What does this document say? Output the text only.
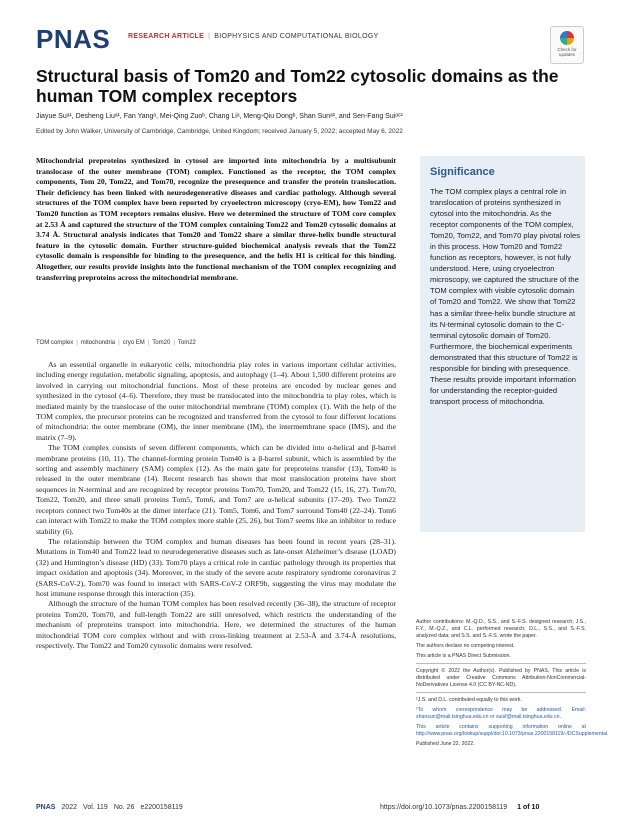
PNAS	RESEARCH ARTICLE | BIOPHYSICS AND COMPUTATIONAL BIOLOGY
Check for updates
Structural basis of Tom20 and Tom22 cytosolic domains as the human TOM complex receptors
Jiayue Suᵃ¹, Desheng Liuᵃ¹, Fan Yangᵃ, Mei-Qing Zuoᵇ, Chang Liᵃ, Meng-Qiu Dongᵇ, Shan Sunᵃ², and Sen-Fang Suiᵃᶜ²
Edited by John Walker, University of Cambridge, Cambridge, United Kingdom; received January 5, 2022; accepted May 6, 2022
Mitochondrial preproteins synthesized in cytosol are imported into mitochondria by a multisubunit translocase of the outer membrane (TOM) complex. Functioned as the receptor, the TOM complex components, Tom 20, Tom22, and Tom70, recognize the presequence and transfer the protein translocation. Their deficiency has been linked with neurodegenerative diseases and cardiac pathology. Although several structures of the TOM complex have been reported by cryoelectron microscopy (cryo-EM), how Tom22 and Tom20 function as TOM receptors remains elusive. Here we determined the structure of TOM core complex at 2.53 Å and captured the structure of the TOM complex containing Tom22 and Tom20 cytosolic domains at 3.74 Å. Structural analysis indicates that Tom20 and Tom22 share a similar three-helix bundle structural feature in the cytosolic domain. Further structure-guided biochemical analysis reveals that the Tom22 cytosolic domain is responsible for binding to the presequence, and the helix H1 is critical for this binding. Altogether, our results provide insights into the functional mechanism of the TOM complex recognizing and transferring preproteins across the mitochondrial membrane.
TOM complex | mitochondria | cryo EM | Tom20 | Tom22

As an essential organelle in eukaryotic cells, mitochondria play roles in various important cellular activities, including energy regulation, metabolic signaling, apoptosis, and autophagy (1–4). About 1,500 different proteins are involved in carrying out mitochondrial functions. Most of these proteins are encoded by nuclear genes and synthesized in the cytosol (4–6). Therefore, they must be translocated into the mitochondria to play roles, which is mediated mainly by the translocase of the outer mitochondrial membrane (TOM) complex (1). With the help of the TOM complex, the precursor proteins can be recognized and transferred from the cytosol to four different locations of mitochondria: the outer membrane (OM), the inner membrane (IM), the intermembrane space (IMS), and the matrix (7–9).

The TOM complex consists of seven different components, which can be divided into α-helical and β-barrel membrane proteins (10, 11). The channel-forming protein Tom40 is a β-barrel subunit, which is assembled by the sorting and assembly machinery (SAM) complex (12). As the main gate for preproteins transfer (13), Tom40 is released in the outer membrane (14). Recent research has shown that most translocation proteins have short sequences in N-terminal and are recognized by receptor proteins Tom70, Tom20, and Tom22 (15, 16, 27). Tom70, Tom22, Tom20, and three small proteins Tom5, Tom6, and Tom7 are α-helical subunits (17–20). Two Tom22 receptors connect two Tom40s at the dimer interface (21). Tom5, Tom6, and Tom7 surround Tom40 (22–24). Tom6 can interact with Tom22 to make the TOM complex more stable (25, 26), but Tom7 seems like an inhibitor to reduce stability (6).

The relationship between the TOM complex and human diseases has been found in recent years (28–31). Mutations in Tom40 and Tom22 lead to neurodegenerative diseases such as late-onset Alzheimer’s disease (LOAD) (32) and Huntington’s disease (HD) (33). Tom70 plays a critical role in cardiac pathology through its properties that impact oxidation and apoptosis (34). Moreover, in the study of the severe acute respiratory syndrome coronavirus 2 (SARS-CoV-2), Tom70 was found to interact with SARS-CoV-2 ORF9b, suggesting the virus may modulate the host immune response through this interaction (35).

Although the structure of the human TOM complex has been resolved recently (36–38), the structure of receptor proteins Tom20, Tom70, and full-length Tom22 are still unresolved, which restricts the understanding of the mechanism of preproteins transport into mitochondria. Here, we determined the structures of the human mitochondrial TOM core complex without and with cross-linking treatment at 2.53-Å and 3.74-Å resolutions, respectively. The Tom22 and Tom20 cytosolic domains were resolved.

Significance
The TOM complex plays a central role in translocation of proteins synthesized in cytosol into the mitochondria. As the receptor components of the TOM complex, Tom20, Tom22, and Tom70 play pivotal roles in this process. How Tom20 and Tom22 function as receptors, however, is not fully understood. Here, using cryoelectron microscopy, we captured the structure of the TOM complex with visible cytosolic domain of Tom20 and Tom22. We show that Tom22 has a similar three-helix bundle structure at its N-terminal cytosolic domain to the C-terminal cytosolic domain of Tom20. Furthermore, the biochemical experiments demonstrated that this structure of Tom22 is responsible for binding with presequence. These results provide important information for understanding the receptor-guided transport process of mitochondria.
Author contributions: M.-Q.D., S.S., and S.-F.S. designed research; J.S., F.Y., M.-Q.Z., and C.L. performed research; D.L., S.S., and S.-F.S. analyzed data; and S.S. and S.-F.S. wrote the paper.
The authors declare no competing interest.
This article is a PNAS Direct Submission.
Copyright © 2022 the Author(s). Published by PNAS. This article is distributed under Creative Commons Attribution-NonCommercial-NoDerivatives License 4.0 (CC BY-NC-ND).
¹J.S. and D.L. contributed equally to this work.
²To whom correspondence may be addressed. Email: shansun@mail.tsinghua.edu.cn or suisf@mail.tsinghua.edu.cn.
This article contains supporting information online at http://www.pnas.org/lookup/suppl/doi:10.1073/pnas.2200158119/-/DCSupplemental.
Published June 22, 2022.
PNAS 2022 Vol. 119 No. 26 e2200158119	https://doi.org/10.1073/pnas.2200158119 1 of 10
